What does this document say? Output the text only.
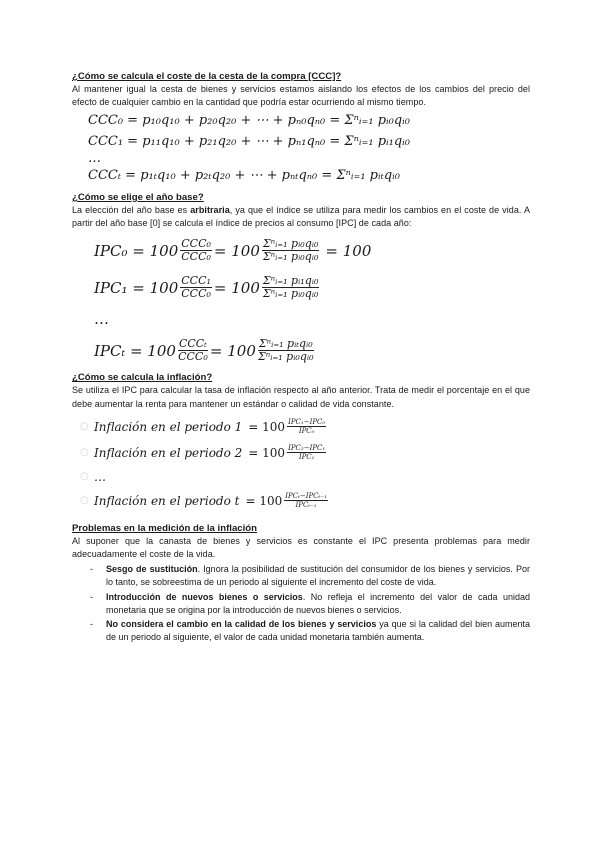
¿Cómo se calcula el coste de la cesta de la compra [CCC]?

Al mantener igual la cesta de bienes y servicios estamos aislando los efectos de los cambios del precio del efecto de cualquier cambio en la cantidad que podría estar ocurriendo al mismo tiempo.

CCC₀ = p₁₀q₁₀ + p₂₀q₂₀ + ⋯ + pₙ₀qₙ₀ = Σⁿᵢ₌₁ pᵢ₀qᵢ₀
CCC₁ = p₁₁q₁₀ + p₂₁q₂₀ + ⋯ + pₙ₁qₙ₀ = Σⁿᵢ₌₁ pᵢ₁qᵢ₀
…
CCCₜ = p₁ₜq₁₀ + p₂ₜq₂₀ + ⋯ + pₙₜqₙ₀ = Σⁿᵢ₌₁ pᵢₜqᵢ₀

¿Cómo se elige el año base?

La elección del año base es arbitraria, ya que el índice se utiliza para medir los cambios en el coste de vida. A partir del año base [0] se calcula el índice de precios al consumo [IPC] de cada año:

$IPC_0 = 100 \frac{\text{CCC₀}}{\text{CCC₀}} = 100 \frac{\text{Σⁿᵢ₌₁ pᵢ₀qᵢ₀}}{\text{Σⁿᵢ₌₁ pᵢ₀qᵢ₀}} = 100$
$IPC_1 = 100 \frac{\text{CCC₁}}{\text{CCC₀}} = 100 \frac{\text{Σⁿᵢ₌₁ pᵢ₁qᵢ₀}}{\text{Σⁿᵢ₌₁ pᵢ₀qᵢ₀}}$
…
$IPC_t = 100 \frac{\text{CCCₜ}}{\text{CCC₀}} = 100 \frac{\text{Σⁿᵢ₌₁ pᵢₜqᵢ₀}}{\text{Σⁿᵢ₌₁ pᵢ₀qᵢ₀}}$

¿Cómo se calcula la inflación?

Se utiliza el IPC para calcular la tasa de inflación respecto al año anterior. Trata de medir el porcentaje en el que debe aumentar la renta para mantener un estándar o calidad de vida constante.

○ Inflación en el periodo $1 = 100 \frac{\text{IPC₁−IPC₀}}{\text{IPC₀}}$
○ Inflación en el periodo $2 = 100 \frac{\text{IPC₂−IPC₁}}{\text{IPC₁}}$
○ …
○ Inflación en el periodo $t = 100 \frac{\text{IPCₜ−IPCₜ₋₁}}{\text{IPCₜ₋₁}}$

Problemas en la medición de la inflación

Al suponer que la canasta de bienes y servicios es constante el IPC presenta problemas para medir adecuadamente el coste de la vida.

- Sesgo de sustitución. Ignora la posibilidad de sustitución del consumidor de los bienes y servicios. Por lo tanto, se sobreestima de un periodo al siguiente el incremento del coste de vida.
- Introducción de nuevos bienes o servicios. No refleja el incremento del valor de cada unidad monetaria que se origina por la introducción de nuevos bienes o servicios.
- No considera el cambio en la calidad de los bienes y servicios ya que si la calidad del bien aumenta de un periodo al siguiente, el valor de cada unidad monetaria también aumenta.
